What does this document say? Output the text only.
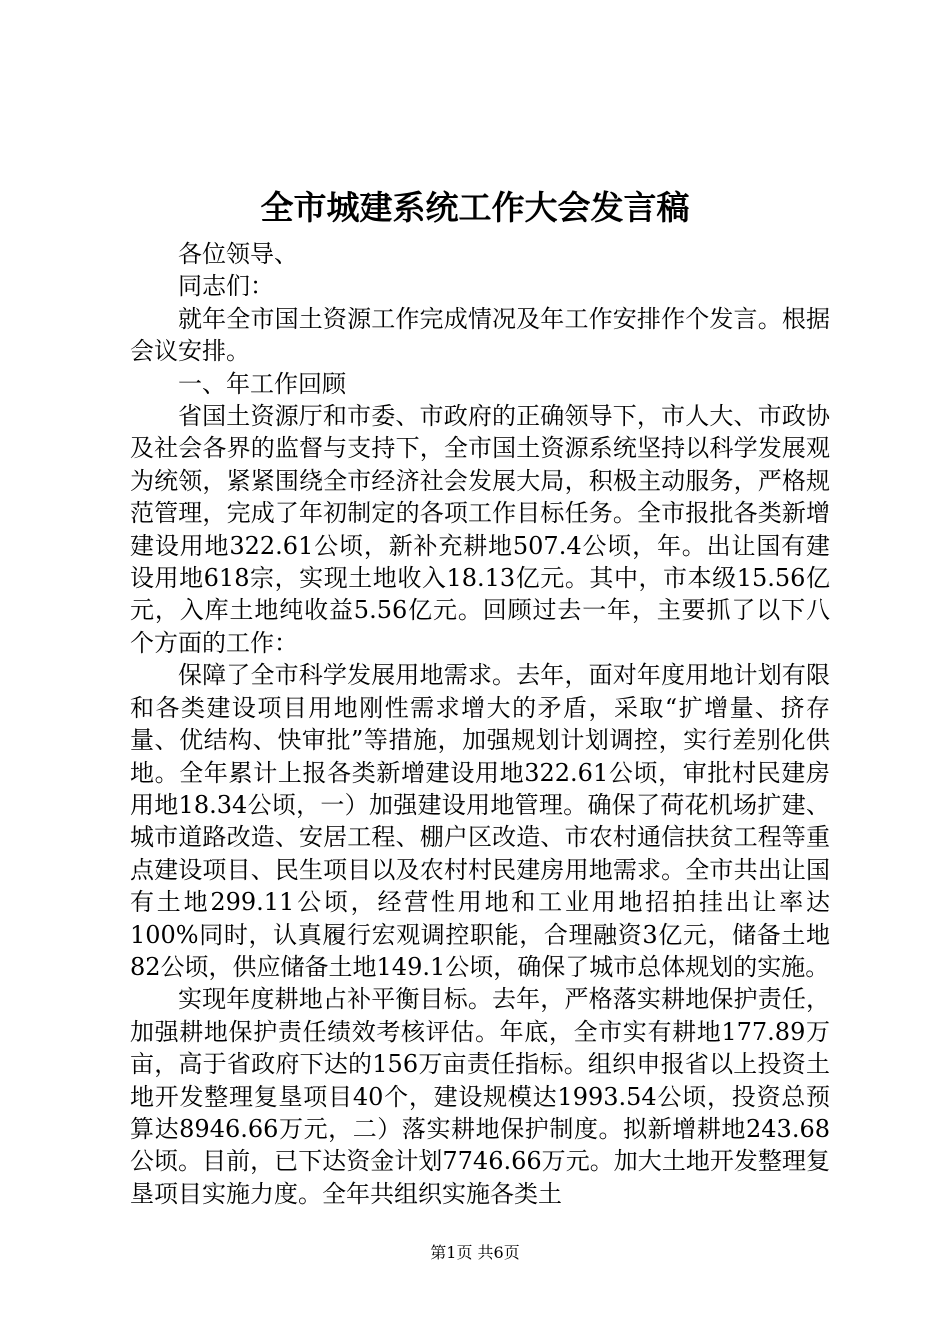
全市城建系统工作大会发言稿

各位领导、

同志们：

就年全市国土资源工作完成情况及年工作安排作个发言。根据会议安排。

一、年工作回顾

省国土资源厅和市委、市政府的正确领导下，市人大、市政协及社会各界的监督与支持下，全市国土资源系统坚持以科学发展观为统领，紧紧围绕全市经济社会发展大局，积极主动服务，严格规范管理，完成了年初制定的各项工作目标任务。全市报批各类新增建设用地322.61公顷，新补充耕地507.4公顷，年。出让国有建设用地618宗，实现土地收入18.13亿元。其中，市本级15.56亿元，入库土地纯收益5.56亿元。回顾过去一年，主要抓了以下八个方面的工作：

保障了全市科学发展用地需求。去年，面对年度用地计划有限和各类建设项目用地刚性需求增大的矛盾，采取“扩增量、挤存量、优结构、快审批”等措施，加强规划计划调控，实行差别化供地。全年累计上报各类新增建设用地322.61公顷，审批村民建房用地18.34公顷，一）加强建设用地管理。确保了荷花机场扩建、城市道路改造、安居工程、棚户区改造、市农村通信扶贫工程等重点建设项目、民生项目以及农村村民建房用地需求。全市共出让国有土地299.11公顷，经营性用地和工业用地招拍挂出让率达100%同时，认真履行宏观调控职能，合理融资3亿元，储备土地82公顷，供应储备土地149.1公顷，确保了城市总体规划的实施。

实现年度耕地占补平衡目标。去年，严格落实耕地保护责任，加强耕地保护责任绩效考核评估。年底，全市实有耕地177.89万亩，高于省政府下达的156万亩责任指标。组织申报省以上投资土地开发整理复垦项目40个，建设规模达1993.54公顷，投资总预算达8946.66万元，二）落实耕地保护制度。拟新增耕地243.68公顷。目前，已下达资金计划7746.66万元。加大土地开发整理复垦项目实施力度。全年共组织实施各类土

第1页 共6页
